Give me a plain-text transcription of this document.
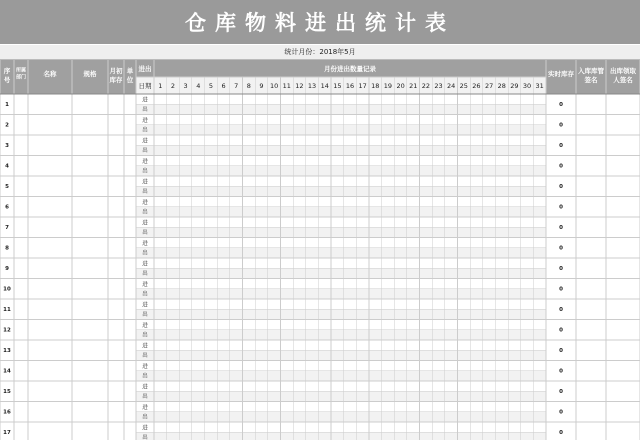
仓库物料进出统计表
统计月份：2018年5月
序
号
所属
部门	名称	规格 月初
库存
单
位
进出
日期
月份进出数量记录
实时库存 入库库管
签名
出库领取
人签名
1 2 3 4 5 6 7 8 9 10 11 12 13 14 15 16 17 18 19 20 21 22 23 24 25 26 27 28 29 30 31
1
进
出
0
2
进
出
0
3
进
出
0
4
进
出
0
5
进
出
0
6
进
出
0
7
进
出
0
8
进
出
0
9
进
出
0
10
进
出
0
11
进
出
0
12
进
出
0
13
进
出
0
14
进
出
0
15
进
出
0
16
进
出
0
17
进
出
0
